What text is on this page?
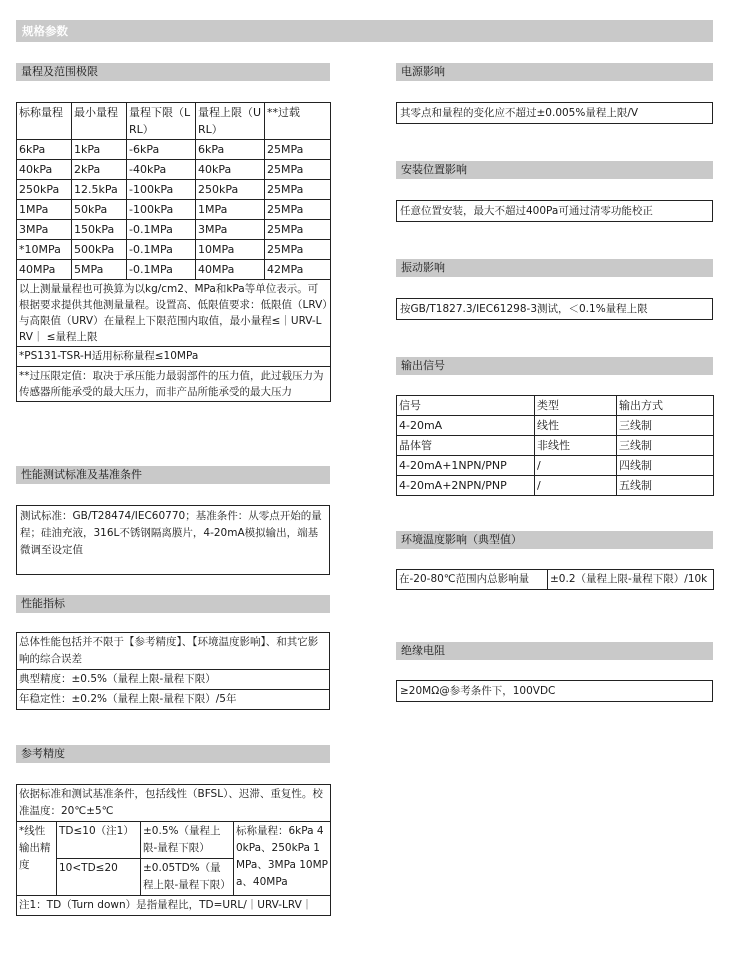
规格参数
量程及范围极限
标称量程	最小量程	量程下限（LRL）	量程上限（URL）	**过载
6kPa	1kPa	-6kPa	6kPa	25MPa
40kPa	2kPa	-40kPa	40kPa	25MPa
250kPa	12.5kPa	-100kPa	250kPa	25MPa
1MPa	50kPa	-100kPa	1MPa	25MPa
3MPa	150kPa	-0.1MPa	3MPa	25MPa
*10MPa	500kPa	-0.1MPa	10MPa	25MPa
40MPa	5MPa	-0.1MPa	40MPa	42MPa
以上测量量程也可换算为以kg/cm2、MPa和kPa等单位表示。可根据要求提供其他测量量程。设置高、低限值要求：低限值（LRV）与高限值（URV）在量程上下限范围内取值，最小量程≤｜URV-LRV｜ ≤量程上限				
*PS131-TSR-H适用标称量程≤10MPa				
**过压限定值：取决于承压能力最弱部件的压力值，此过载压力为传感器所能承受的最大压力，而非产品所能承受的最大压力				
性能测试标准及基准条件
测试标准：GB/T28474/IEC60770；基准条件：从零点开始的量程；硅油充液，316L不锈钢隔离膜片，4-20mA模拟输出，端基微调至设定值
性能指标
总体性能包括并不限于【参考精度】、【环境温度影响】、和其它影响的综合误差
典型精度：±0.5%（量程上限-量程下限）
年稳定性：±0.2%（量程上限-量程下限）/5年
参考精度
依据标准和测试基准条件，包括线性（BFSL）、迟滞、重复性。校准温度：20℃±5℃			
*线性输出精度	TD≤10（注1）	±0.5%（量程上限-量程下限）	标称量程：6kPa 40kPa、250kPa 1MPa、3MPa 10MPa、40MPa
	10<TD≤20	±0.05TD%（量程上限-量程下限）	
注1：TD（Turn down）是指量程比，TD=URL/｜URV-LRV｜			
电源影响
其零点和量程的变化应不超过±0.005%量程上限/V
安装位置影响
任意位置安装，最大不超过400Pa可通过清零功能校正
振动影响
按GB/T1827.3/IEC61298-3测试，＜0.1%量程上限
输出信号
信号	类型	输出方式
4-20mA	线性	三线制
晶体管	非线性	三线制
4-20mA+1NPN/PNP	/	四线制
4-20mA+2NPN/PNP	/	五线制
环境温度影响（典型值）
在-20-80℃范围内总影响量	±0.2（量程上限-量程下限）/10k
绝缘电阻
≥20MΩ@参考条件下，100VDC
